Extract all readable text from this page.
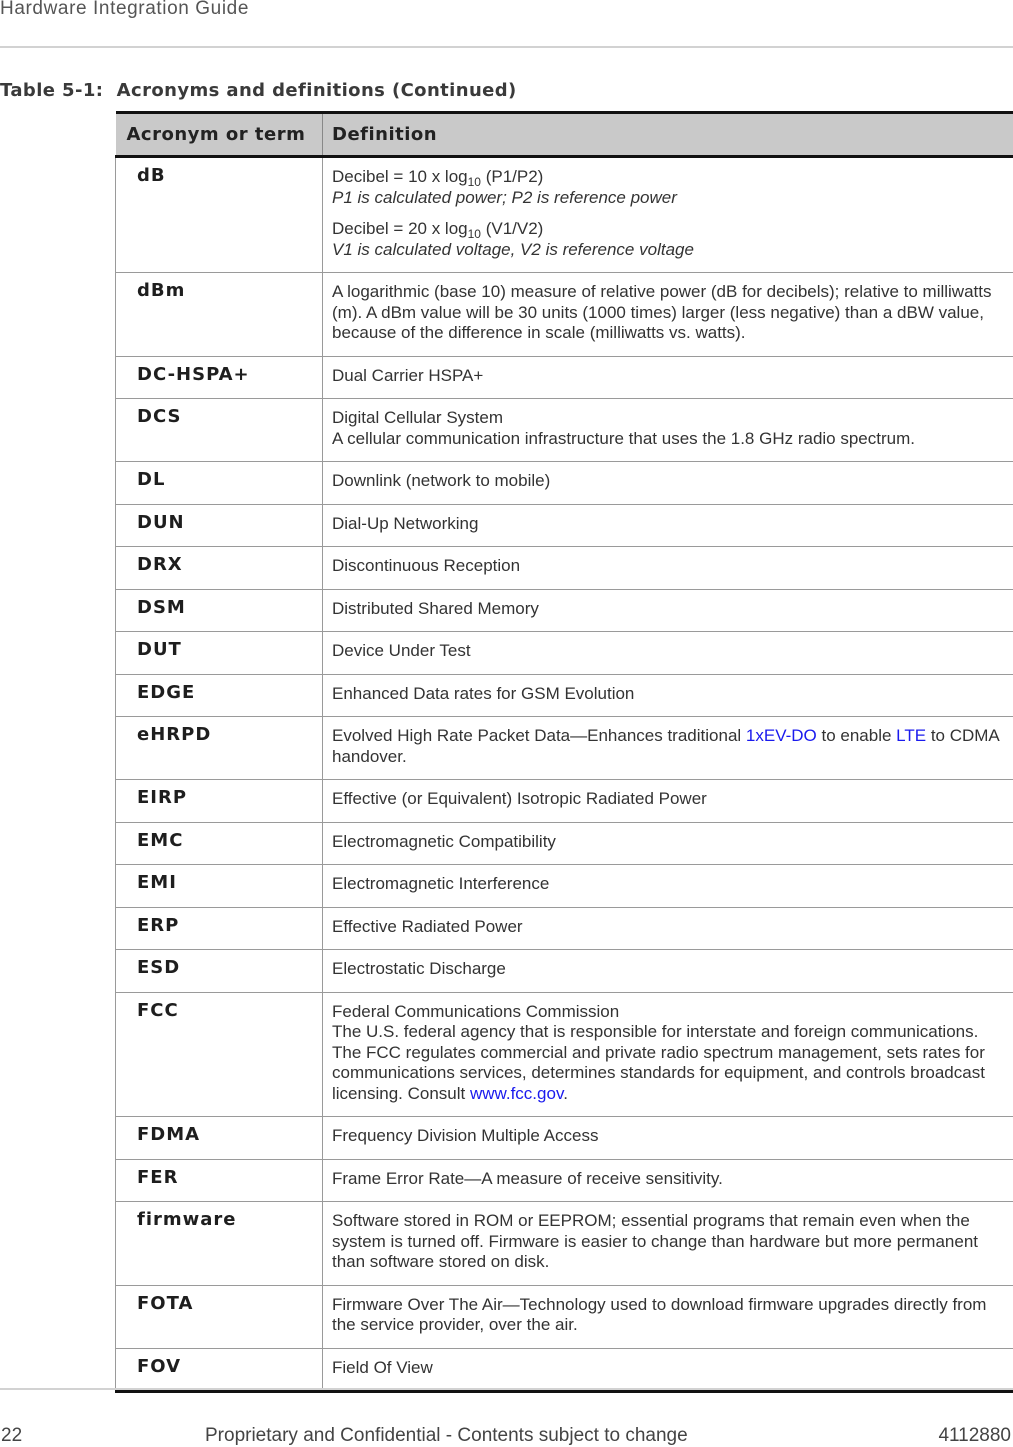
Hardware Integration Guide
Table 5-1:  Acronyms and definitions (Continued)
Acronym or term	Definition
dB	Decibel = 10 x $\log_{10} (P1/P2)$
P1 is calculated power; P2 is reference power
Decibel = 20 x $\log_{10} (V1/V2)$
V1 is calculated voltage, V2 is reference voltage

dBm	A logarithmic (base 10) measure of relative power (dB for decibels); relative to milliwatts (m). A dBm value will be 30 units (1000 times) larger (less negative) than a dBW value, because of the difference in scale (milliwatts vs. watts).
DC-HSPA+	Dual Carrier HSPA+
DCS	Digital Cellular System
A cellular communication infrastructure that uses the 1.8 GHz radio spectrum.

DL	Downlink (network to mobile)
DUN	Dial-Up Networking
DRX	Discontinuous Reception
DSM	Distributed Shared Memory
DUT	Device Under Test
EDGE	Enhanced Data rates for GSM Evolution
eHRPD	Evolved High Rate Packet Data—Enhances traditional 1xEV-DO to enable LTE to CDMA handover.
EIRP	Effective (or Equivalent) Isotropic Radiated Power
EMC	Electromagnetic Compatibility
EMI	Electromagnetic Interference
ERP	Effective Radiated Power
ESD	Electrostatic Discharge
FCC	Federal Communications Commission
The U.S. federal agency that is responsible for interstate and foreign communications. The FCC regulates commercial and private radio spectrum management, sets rates for communications services, determines standards for equipment, and controls broadcast licensing. Consult www.fcc.gov.

FDMA	Frequency Division Multiple Access
FER	Frame Error Rate—A measure of receive sensitivity.
firmware	Software stored in ROM or EEPROM; essential programs that remain even when the system is turned off. Firmware is easier to change than hardware but more permanent than software stored on disk.
FOTA	Firmware Over The Air—Technology used to download firmware upgrades directly from the service provider, over the air.
FOV	Field Of View
22	Proprietary and Confidential - Contents subject to change	4112880
